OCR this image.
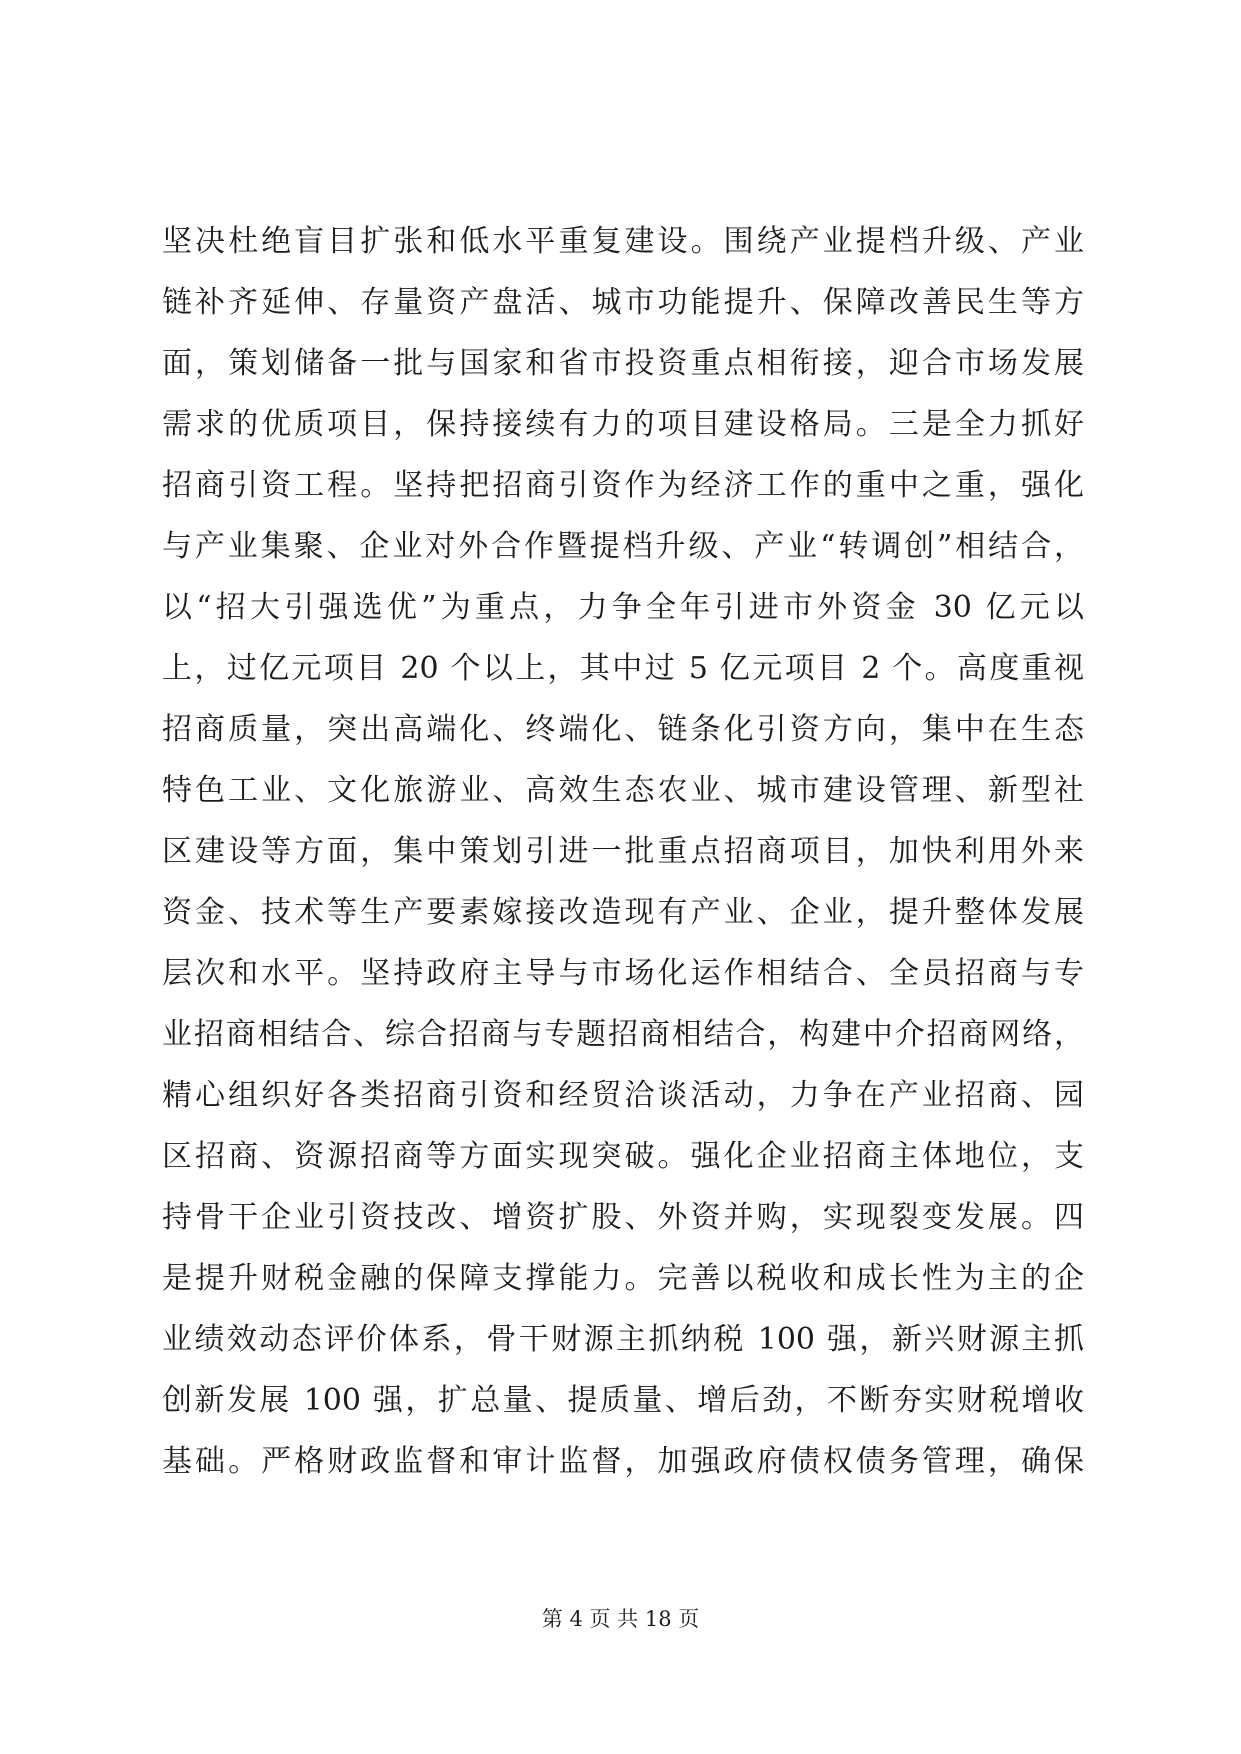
坚决杜绝盲目扩张和低水平重复建设。围绕产业提档升级、产业
链补齐延伸、存量资产盘活、城市功能提升、保障改善民生等方
面，策划储备一批与国家和省市投资重点相衔接，迎合市场发展
需求的优质项目，保持接续有力的项目建设格局。三是全力抓好
招商引资工程。坚持把招商引资作为经济工作的重中之重，强化
与产业集聚、企业对外合作暨提档升级、产业“转调创”相结合，
以“招大引强选优”为重点，力争全年引进市外资金 30 亿元以
上，过亿元项目 20 个以上，其中过 5 亿元项目 2 个。高度重视
招商质量，突出高端化、终端化、链条化引资方向，集中在生态
特色工业、文化旅游业、高效生态农业、城市建设管理、新型社
区建设等方面，集中策划引进一批重点招商项目，加快利用外来
资金、技术等生产要素嫁接改造现有产业、企业，提升整体发展
层次和水平。坚持政府主导与市场化运作相结合、全员招商与专
业招商相结合、综合招商与专题招商相结合，构建中介招商网络，
精心组织好各类招商引资和经贸洽谈活动，力争在产业招商、园
区招商、资源招商等方面实现突破。强化企业招商主体地位，支
持骨干企业引资技改、增资扩股、外资并购，实现裂变发展。四
是提升财税金融的保障支撑能力。完善以税收和成长性为主的企
业绩效动态评价体系，骨干财源主抓纳税 100 强，新兴财源主抓
创新发展 100 强，扩总量、提质量、增后劲，不断夯实财税增收
基础。严格财政监督和审计监督，加强政府债权债务管理，确保
第 4 页 共 18 页
